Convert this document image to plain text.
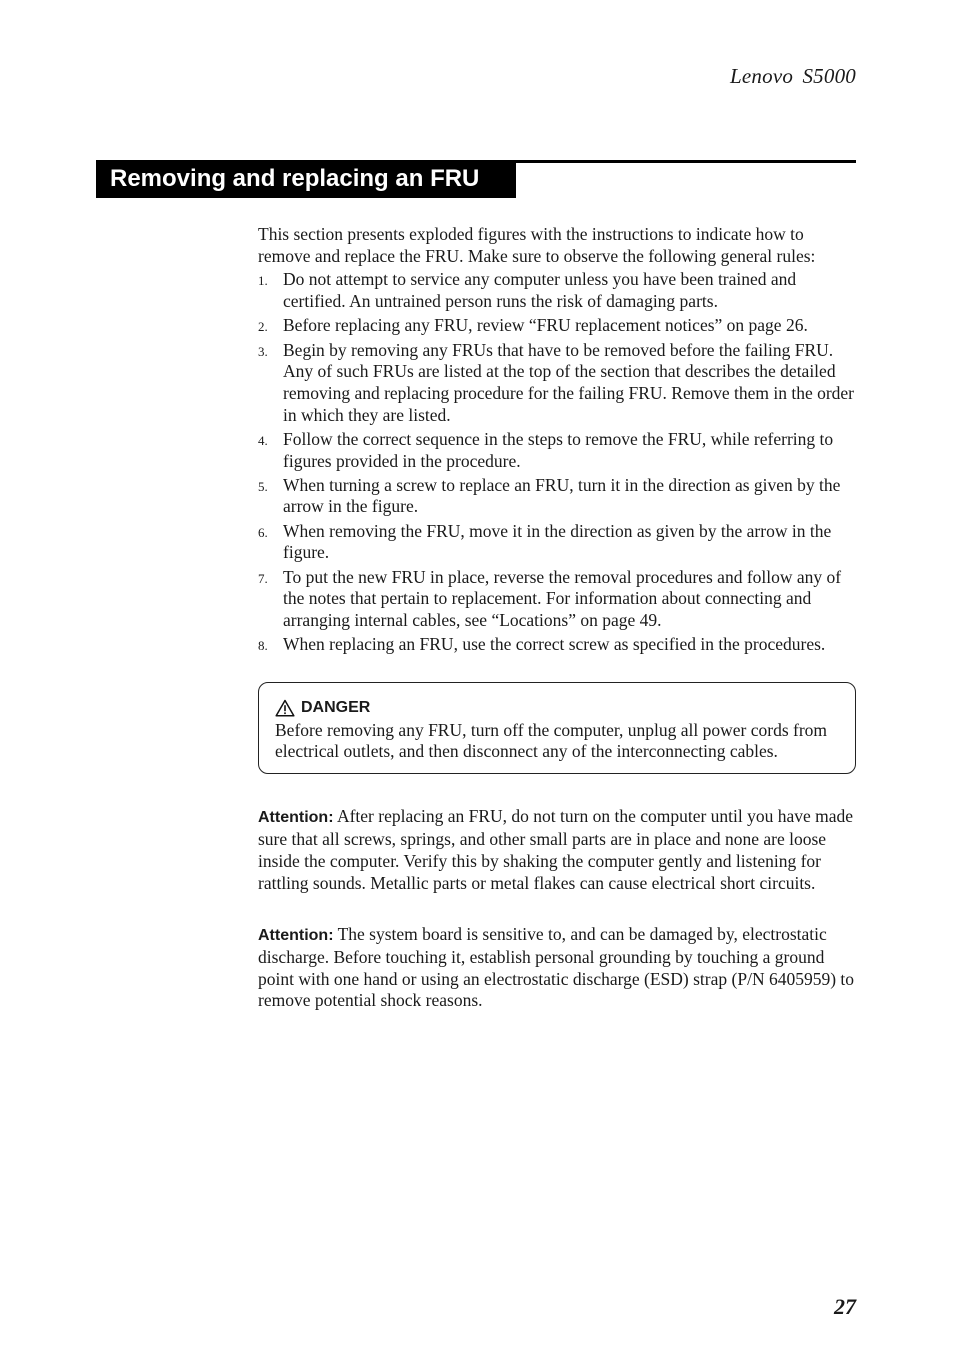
Lenovo S5000
Removing and replacing an FRU

This section presents exploded figures with the instructions to indicate how to remove and replace the FRU. Make sure to observe the following general rules:

1. Do not attempt to service any computer unless you have been trained and certified. An untrained person runs the risk of damaging parts.
2. Before replacing any FRU, review “FRU replacement notices” on page 26.
3. Begin by removing any FRUs that have to be removed before the failing FRU. Any of such FRUs are listed at the top of the section that describes the detailed removing and replacing procedure for the failing FRU. Remove them in the order in which they are listed.
4. Follow the correct sequence in the steps to remove the FRU, while referring to figures provided in the procedure.
5. When turning a screw to replace an FRU, turn it in the direction as given by the arrow in the figure.
6. When removing the FRU, move it in the direction as given by the arrow in the figure.
7. To put the new FRU in place, reverse the removal procedures and follow any of the notes that pertain to replacement. For information about connecting and arranging internal cables, see “Locations” on page 49.
8. When replacing an FRU, use the correct screw as specified in the procedures.
DANGER
Before removing any FRU, turn off the computer, unplug all power cords from electrical outlets, and then disconnect any of the interconnecting cables.

Attention: After replacing an FRU, do not turn on the computer until you have made sure that all screws, springs, and other small parts are in place and none are loose inside the computer. Verify this by shaking the computer gently and listening for rattling sounds. Metallic parts or metal flakes can cause electrical short circuits.

Attention: The system board is sensitive to, and can be damaged by, electrostatic discharge. Before touching it, establish personal grounding by touching a ground point with one hand or using an electrostatic discharge (ESD) strap (P/N 6405959) to remove potential shock reasons.

27
